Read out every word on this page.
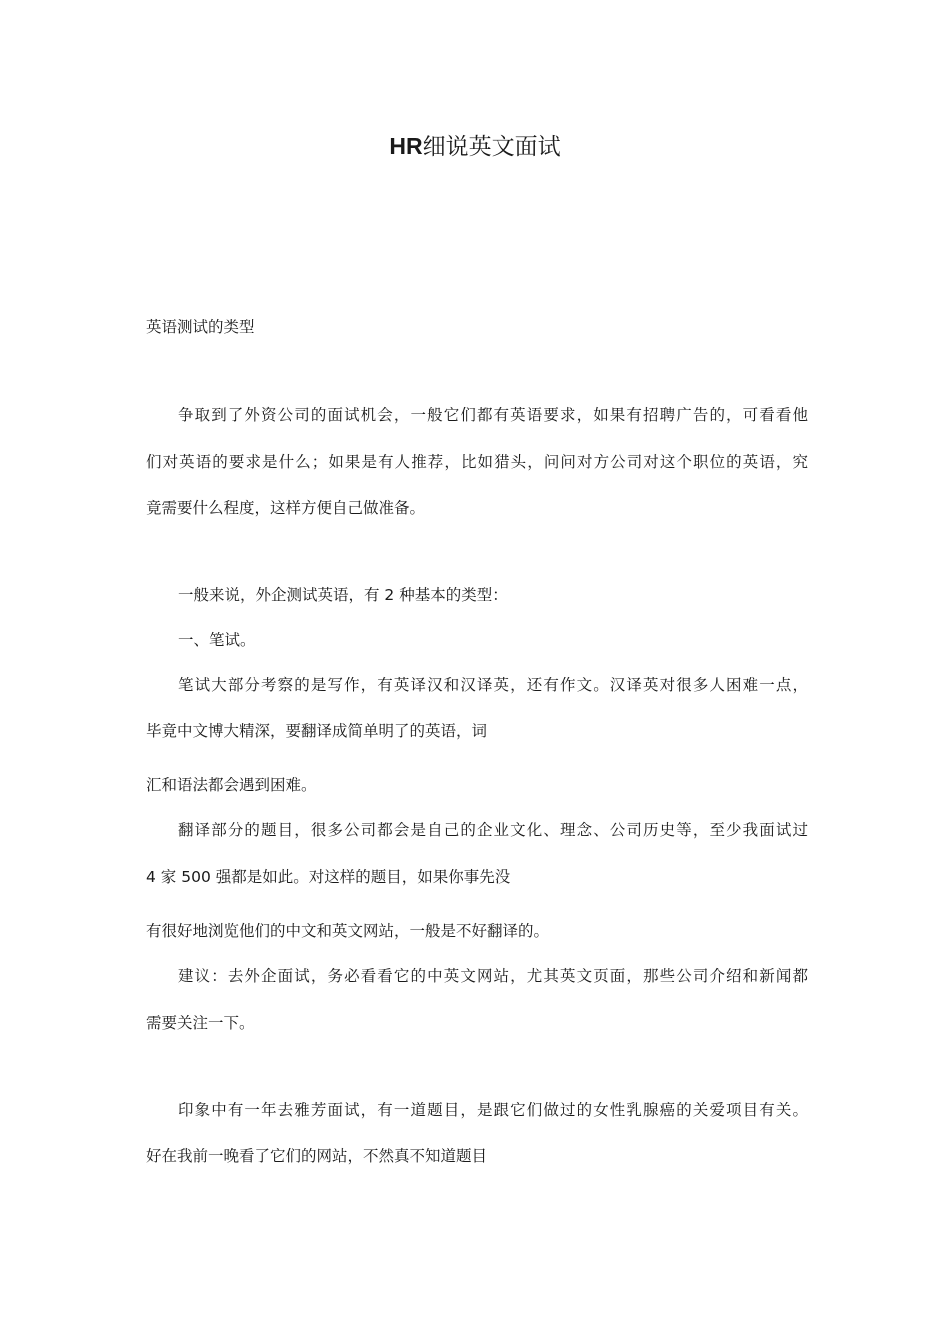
HR细说英文面试
英语测试的类型
争取到了外资公司的面试机会，一般它们都有英语要求，如果有招聘广告的，可看看他
们对英语的要求是什么；如果是有人推荐，比如猎头，问问对方公司对这个职位的英语，究
竟需要什么程度，这样方便自己做准备。
一般来说，外企测试英语，有 2 种基本的类型：
一、笔试。
笔试大部分考察的是写作，有英译汉和汉译英，还有作文。汉译英对很多人困难一点，
毕竟中文博大精深，要翻译成简单明了的英语，词
汇和语法都会遇到困难。
翻译部分的题目，很多公司都会是自己的企业文化、理念、公司历史等，至少我面试过
4 家 500 强都是如此。对这样的题目，如果你事先没
有很好地浏览他们的中文和英文网站，一般是不好翻译的。
建议：去外企面试，务必看看它的中英文网站，尤其英文页面，那些公司介绍和新闻都
需要关注一下。
印象中有一年去雅芳面试，有一道题目，是跟它们做过的女性乳腺癌的关爱项目有关。
好在我前一晚看了它们的网站，不然真不知道题目
